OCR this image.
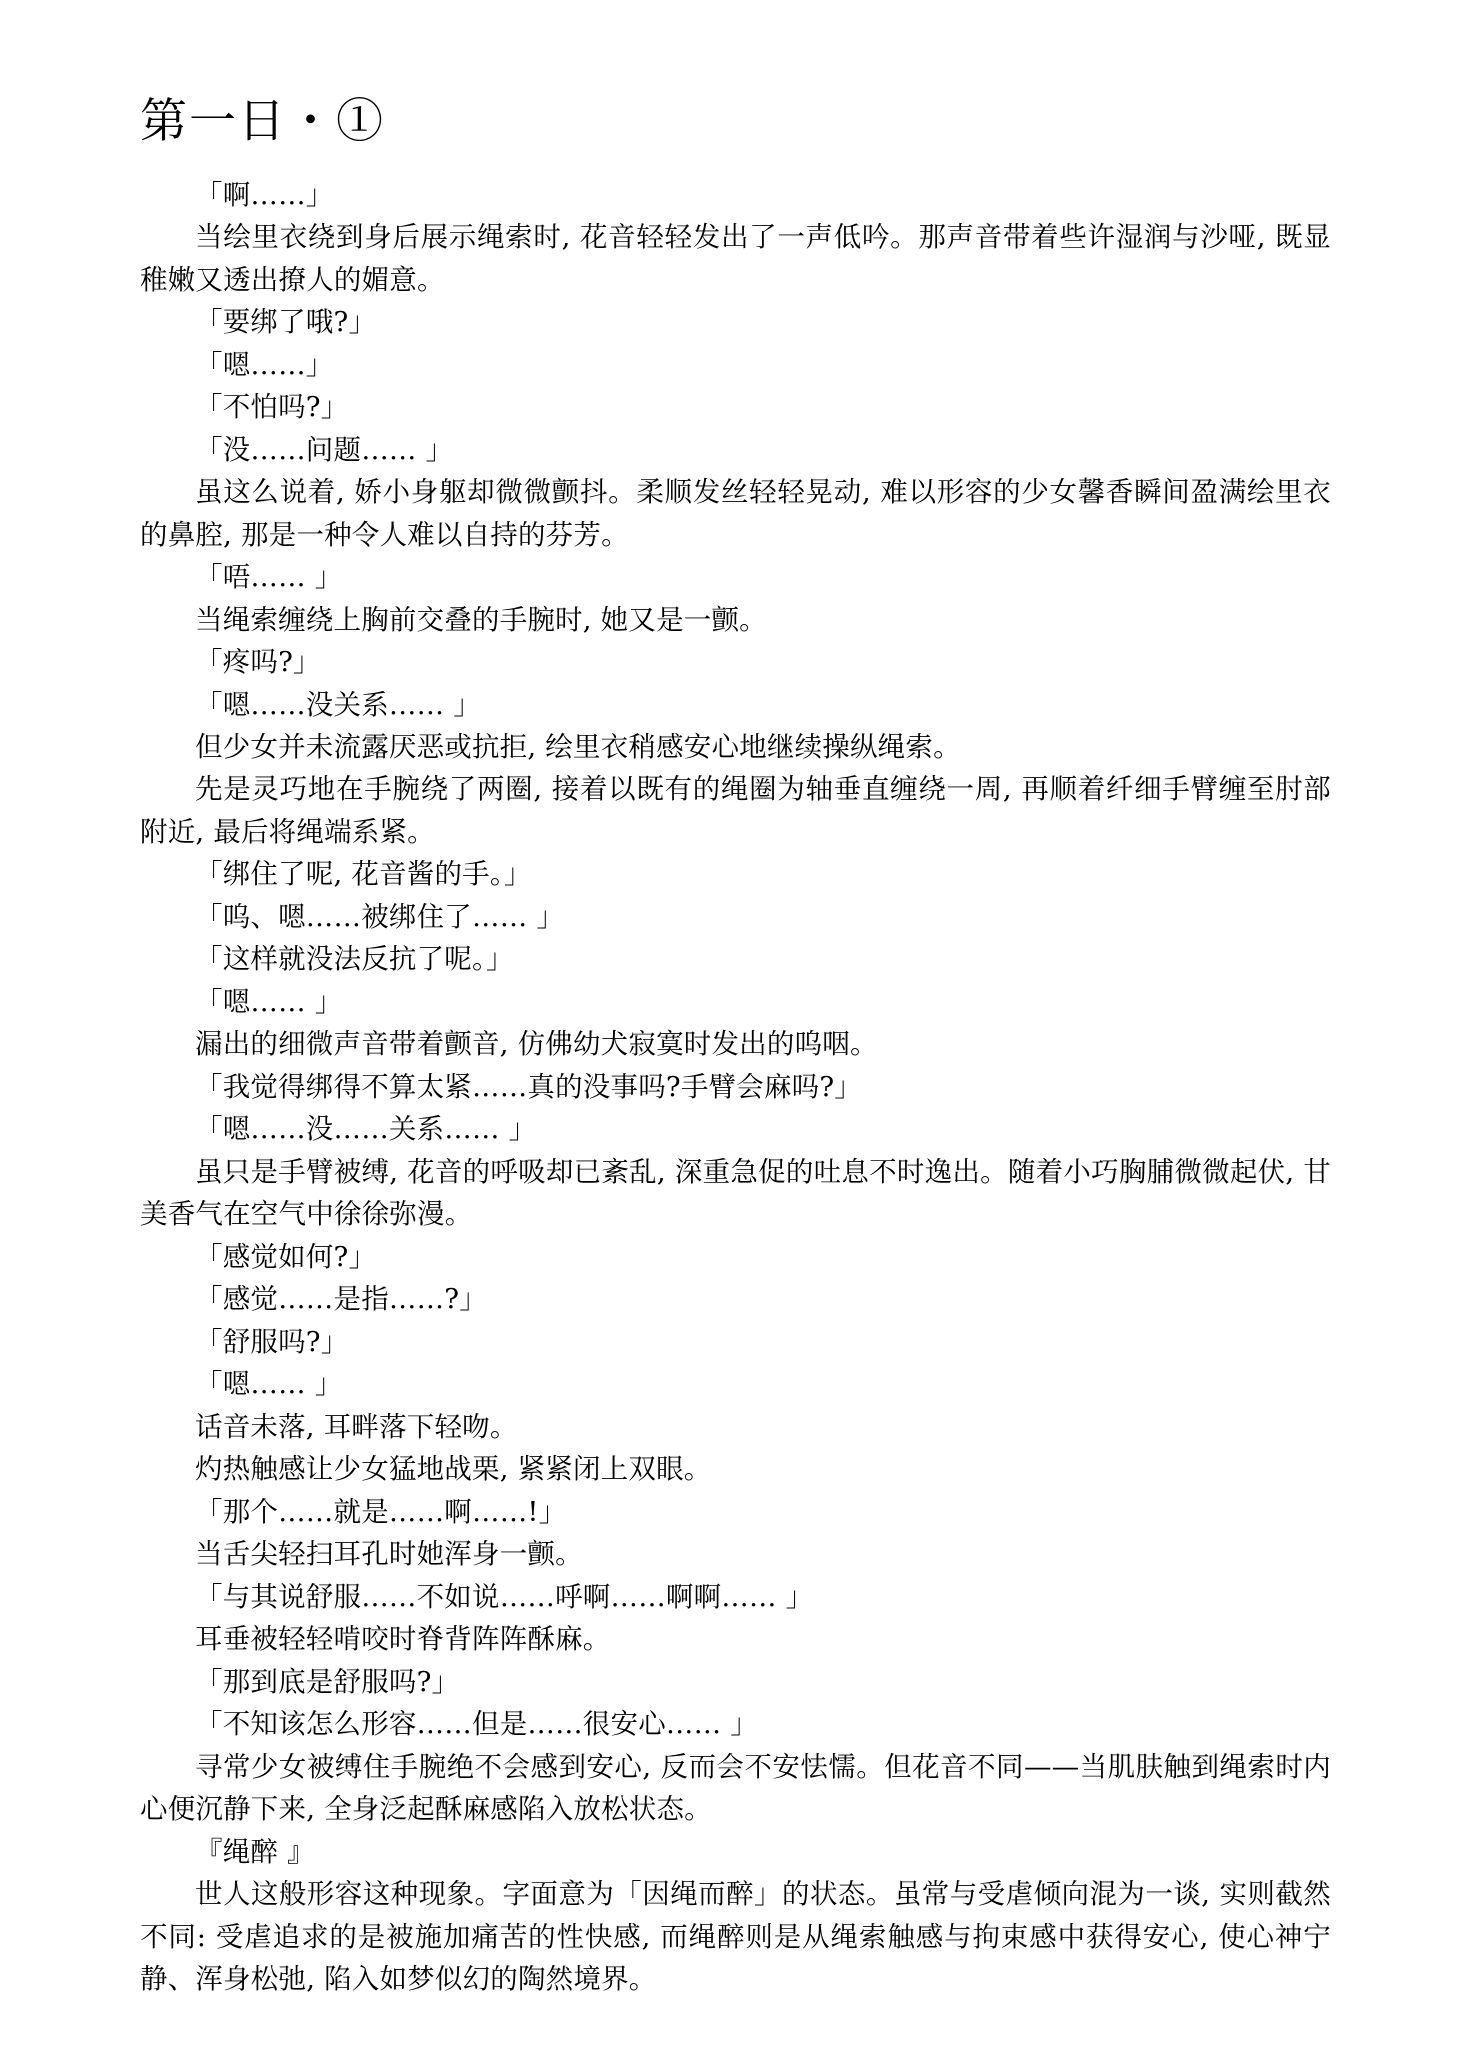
第一日・①

「啊……」

当绘里衣绕到身后展示绳索时, 花音轻轻发出了一声低吟。那声音带着些许湿润与沙哑, 既显稚嫩又透出撩人的媚意。

「要绑了哦?」

「嗯……」

「不怕吗?」

「没……问题…… 」

虽这么说着, 娇小身躯却微微颤抖。柔顺发丝轻轻晃动, 难以形容的少女馨香瞬间盈满绘里衣的鼻腔, 那是一种令人难以自持的芬芳。

「唔…… 」

当绳索缠绕上胸前交叠的手腕时, 她又是一颤。

「疼吗?」

「嗯……没关系…… 」

但少女并未流露厌恶或抗拒, 绘里衣稍感安心地继续操纵绳索。

先是灵巧地在手腕绕了两圈, 接着以既有的绳圈为轴垂直缠绕一周, 再顺着纤细手臂缠至肘部附近, 最后将绳端系紧。

「绑住了呢, 花音酱的手。」

「呜、嗯……被绑住了…… 」

「这样就没法反抗了呢。」

「嗯…… 」

漏出的细微声音带着颤音, 仿佛幼犬寂寞时发出的呜咽。

「我觉得绑得不算太紧……真的没事吗?手臂会麻吗?」

「嗯……没……关系…… 」

虽只是手臂被缚, 花音的呼吸却已紊乱, 深重急促的吐息不时逸出。随着小巧胸脯微微起伏, 甘美香气在空气中徐徐弥漫。

「感觉如何?」

「感觉……是指……?」

「舒服吗?」

「嗯…… 」

话音未落, 耳畔落下轻吻。

灼热触感让少女猛地战栗, 紧紧闭上双眼。

「那个……就是……啊……!」

当舌尖轻扫耳孔时她浑身一颤。

「与其说舒服……不如说……呼啊……啊啊…… 」

耳垂被轻轻啃咬时脊背阵阵酥麻。

「那到底是舒服吗?」

「不知该怎么形容……但是……很安心…… 」

寻常少女被缚住手腕绝不会感到安心, 反而会不安怯懦。但花音不同——当肌肤触到绳索时内心便沉静下来, 全身泛起酥麻感陷入放松状态。

『绳醉 』

世人这般形容这种现象。字面意为「因绳而醉」的状态。虽常与受虐倾向混为一谈, 实则截然不同: 受虐追求的是被施加痛苦的性快感, 而绳醉则是从绳索触感与拘束感中获得安心, 使心神宁静、浑身松弛, 陷入如梦似幻的陶然境界。
